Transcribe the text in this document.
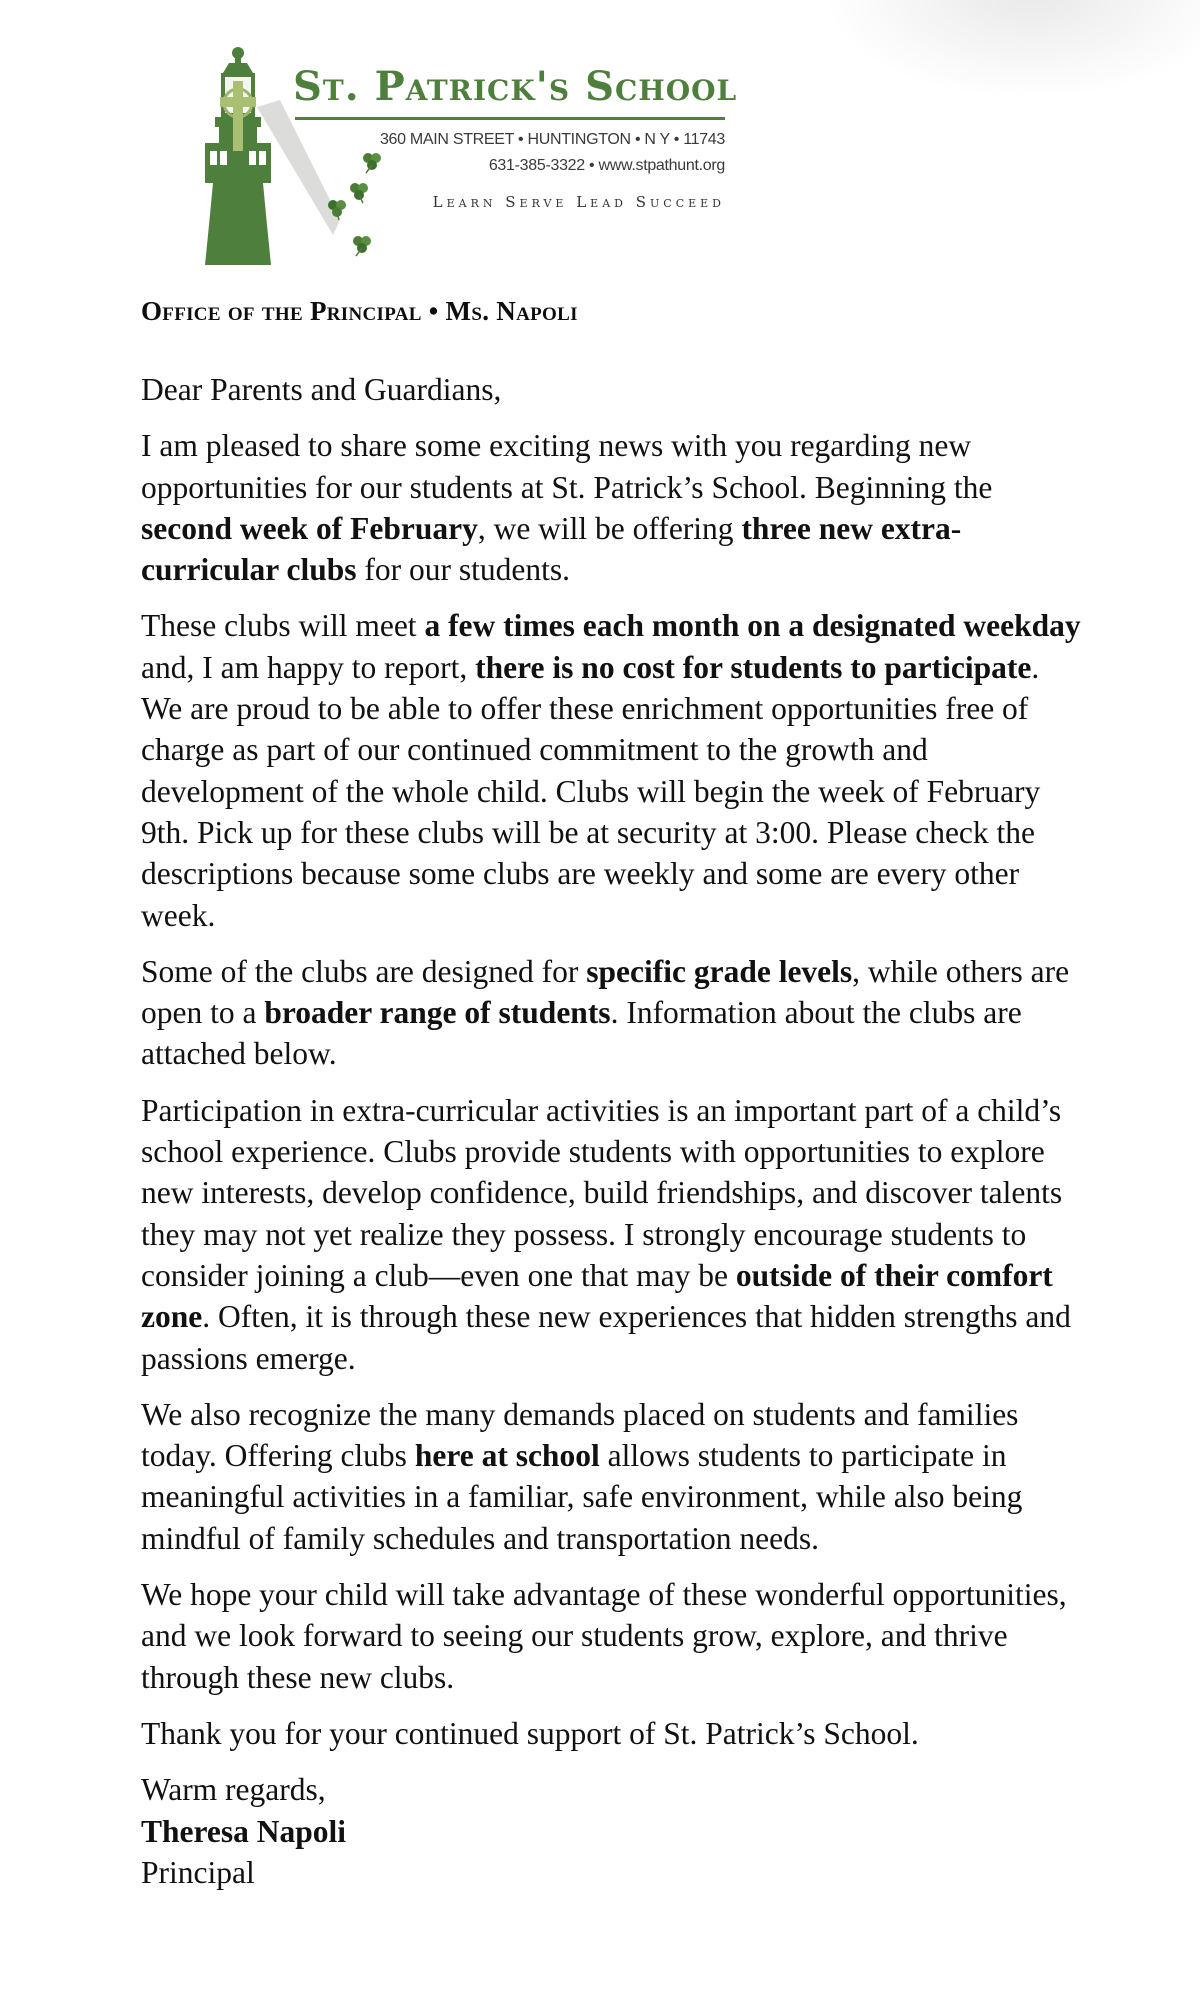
St. Patrick's School
360 MAIN STREET • HUNTINGTON • N Y • 11743
631-385-3322 • www.stpathunt.org
Learn Serve Lead Succeed
Office of the Principal • Ms. Napoli

Dear Parents and Guardians,

I am pleased to share some exciting news with you regarding new opportunities for our students at St. Patrick’s School. Beginning the second week of February, we will be offering three new extra-curricular clubs for our students.

These clubs will meet a few times each month on a designated weekday and, I am happy to report, there is no cost for students to participate. We are proud to be able to offer these enrichment opportunities free of charge as part of our continued commitment to the growth and development of the whole child. Clubs will begin the week of February 9th. Pick up for these clubs will be at security at 3:00. Please check the descriptions because some clubs are weekly and some are every other week.

Some of the clubs are designed for specific grade levels, while others are open to a broader range of students. Information about the clubs are attached below.

Participation in extra-curricular activities is an important part of a child’s school experience. Clubs provide students with opportunities to explore new interests, develop confidence, build friendships, and discover talents they may not yet realize they possess. I strongly encourage students to consider joining a club—even one that may be outside of their comfort zone. Often, it is through these new experiences that hidden strengths and passions emerge.

We also recognize the many demands placed on students and families today. Offering clubs here at school allows students to participate in meaningful activities in a familiar, safe environment, while also being mindful of family schedules and transportation needs.

We hope your child will take advantage of these wonderful opportunities, and we look forward to seeing our students grow, explore, and thrive through these new clubs.

Thank you for your continued support of St. Patrick’s School.

Warm regards,

Theresa Napoli

Principal
